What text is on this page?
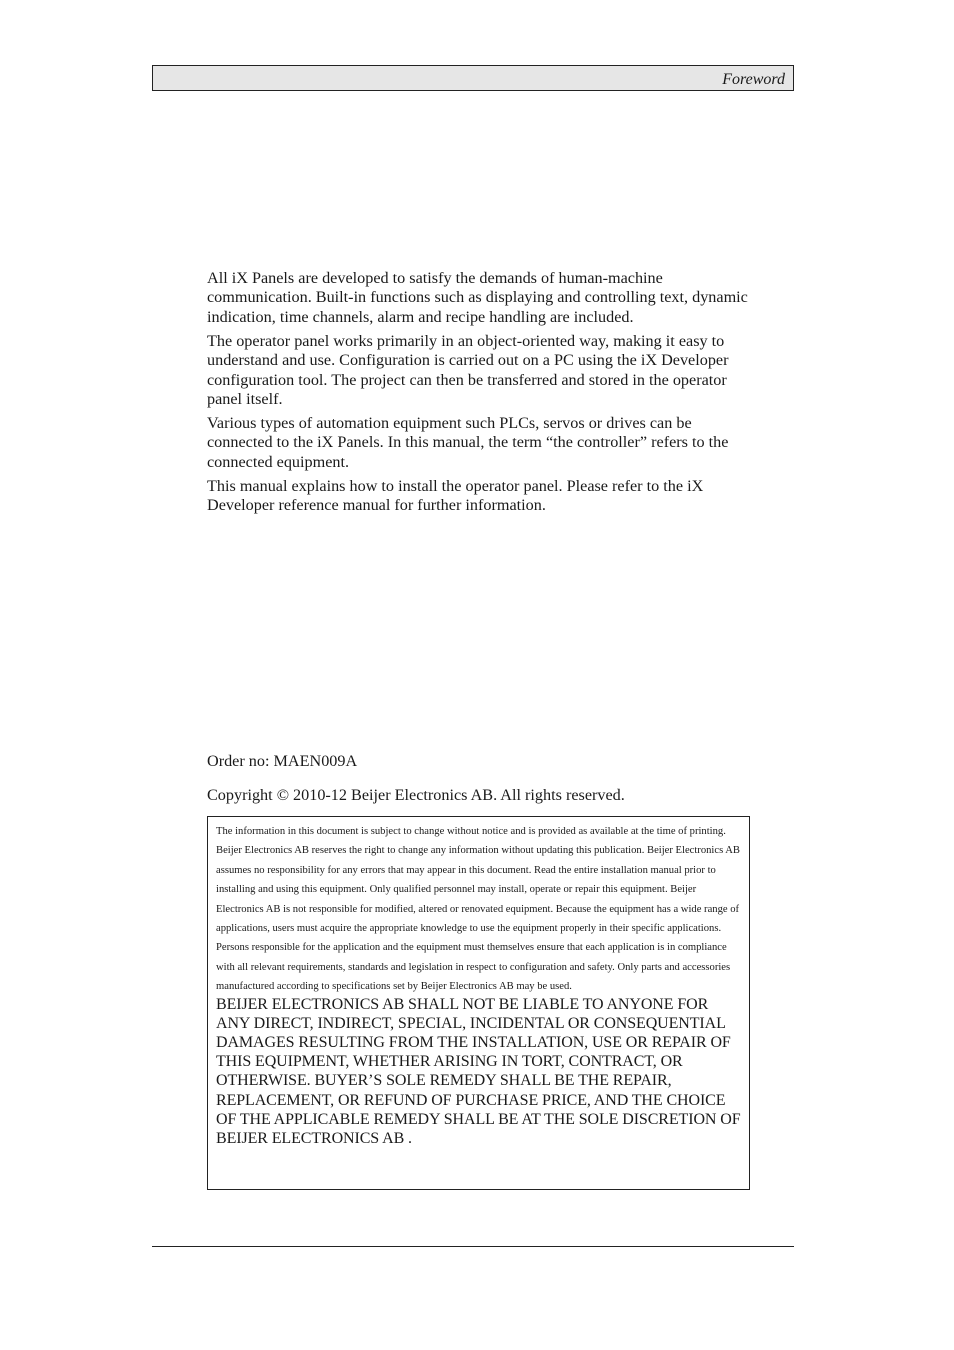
Foreword

All iX Panels are developed to satisfy the demands of human-machine communication. Built-in functions such as displaying and controlling text, dynamic indication, time channels, alarm and recipe handling are included.

The operator panel works primarily in an object-oriented way, making it easy to understand and use. Configuration is carried out on a PC using the iX Developer configuration tool. The project can then be transferred and stored in the operator panel itself.

Various types of automation equipment such PLCs, servos or drives can be connected to the iX Panels. In this manual, the term “the controller” refers to the connected equipment.

This manual explains how to install the operator panel. Please refer to the iX Developer reference manual for further information.

Order no: MAEN009A
Copyright © 2010-12 Beijer Electronics AB. All rights reserved.

The information in this document is subject to change without notice and is provided as available at the time of printing. Beijer Electronics AB reserves the right to change any information without updating this publication. Beijer Electronics AB assumes no responsibility for any errors that may appear in this document. Read the entire installation manual prior to installing and using this equipment. Only qualified personnel may install, operate or repair this equipment. Beijer Electronics AB is not responsible for modified, altered or renovated equipment. Because the equipment has a wide range of applications, users must acquire the appropriate knowledge to use the equipment properly in their specific applications. Persons responsible for the application and the equipment must themselves ensure that each application is in compliance with all relevant requirements, standards and legislation in respect to configuration and safety. Only parts and accessories manufactured according to specifications set by Beijer Electronics AB may be used.

BEIJER ELECTRONICS AB SHALL NOT BE LIABLE TO ANYONE FOR ANY DIRECT, INDIRECT, SPECIAL, INCIDENTAL OR CONSEQUENTIAL DAMAGES RESULTING FROM THE INSTALLATION, USE OR REPAIR OF THIS EQUIPMENT, WHETHER ARISING IN TORT, CONTRACT, OR OTHERWISE. BUYER’S SOLE REMEDY SHALL BE THE REPAIR, REPLACEMENT, OR REFUND OF PURCHASE PRICE, AND THE CHOICE OF THE APPLICABLE REMEDY SHALL BE AT THE SOLE DISCRETION OF BEIJER ELECTRONICS AB .
